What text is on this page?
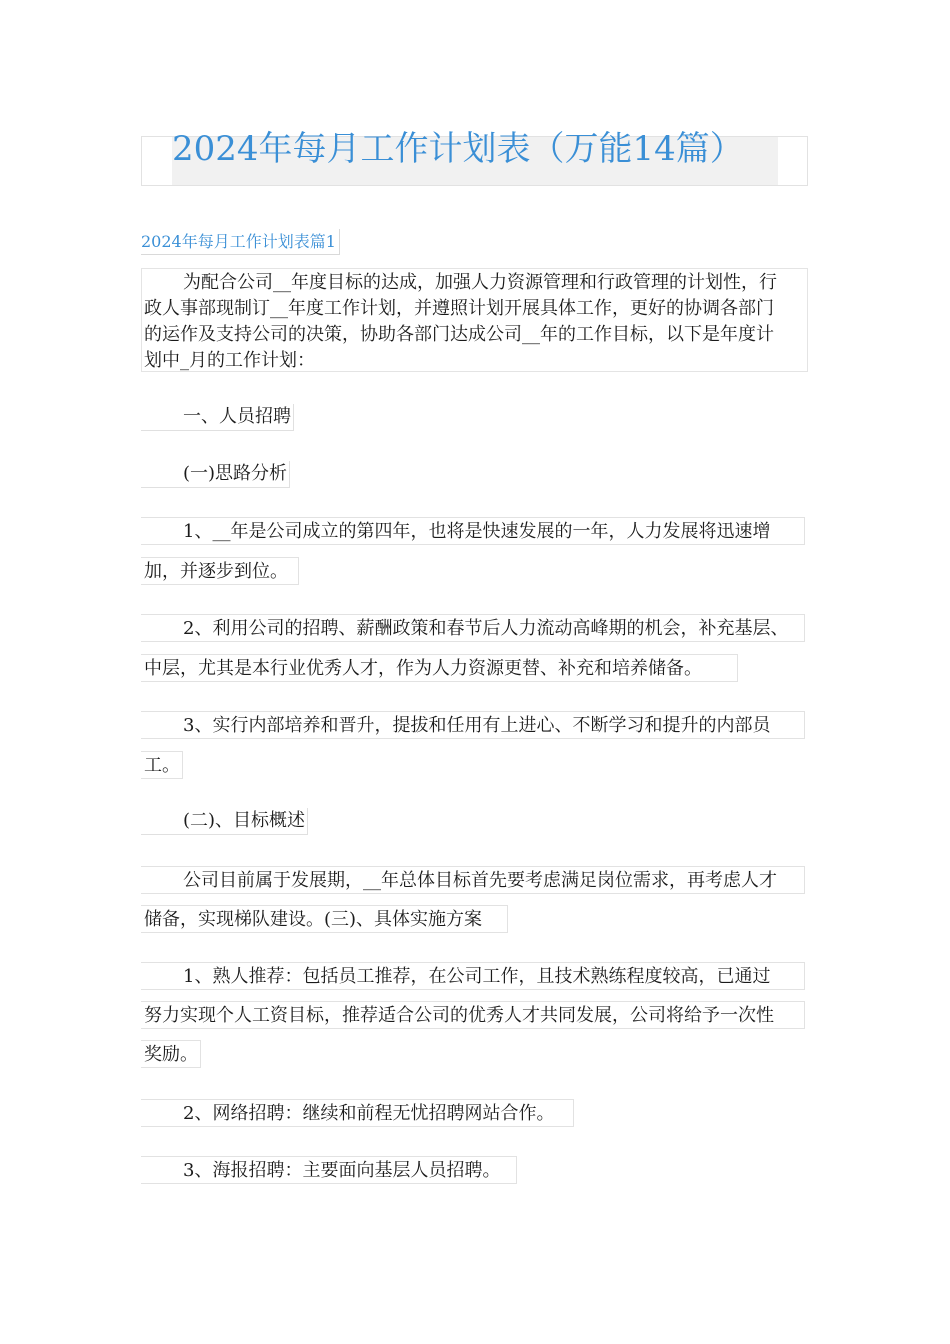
2024年每月工作计划表（万能14篇）
2024年每月工作计划表篇1
为配合公司__年度目标的达成，加强人力资源管理和行政管理的计划性，行
政人事部现制订__年度工作计划，并遵照计划开展具体工作，更好的协调各部门
的运作及支持公司的决策，协助各部门达成公司__年的工作目标，以下是年度计
划中_月的工作计划：
一、人员招聘
(一)思路分析
1、__年是公司成立的第四年，也将是快速发展的一年，人力发展将迅速增
加，并逐步到位。
2、利用公司的招聘、薪酬政策和春节后人力流动高峰期的机会，补充基层、
中层，尤其是本行业优秀人才，作为人力资源更替、补充和培养储备。
3、实行内部培养和晋升，提拔和任用有上进心、不断学习和提升的内部员
工。
(二)、目标概述
公司目前属于发展期，__年总体目标首先要考虑满足岗位需求，再考虑人才
储备，实现梯队建设。(三)、具体实施方案
1、熟人推荐：包括员工推荐，在公司工作，且技术熟练程度较高，已通过
努力实现个人工资目标，推荐适合公司的优秀人才共同发展，公司将给予一次性
奖励。
2、网络招聘：继续和前程无忧招聘网站合作。
3、海报招聘：主要面向基层人员招聘。
